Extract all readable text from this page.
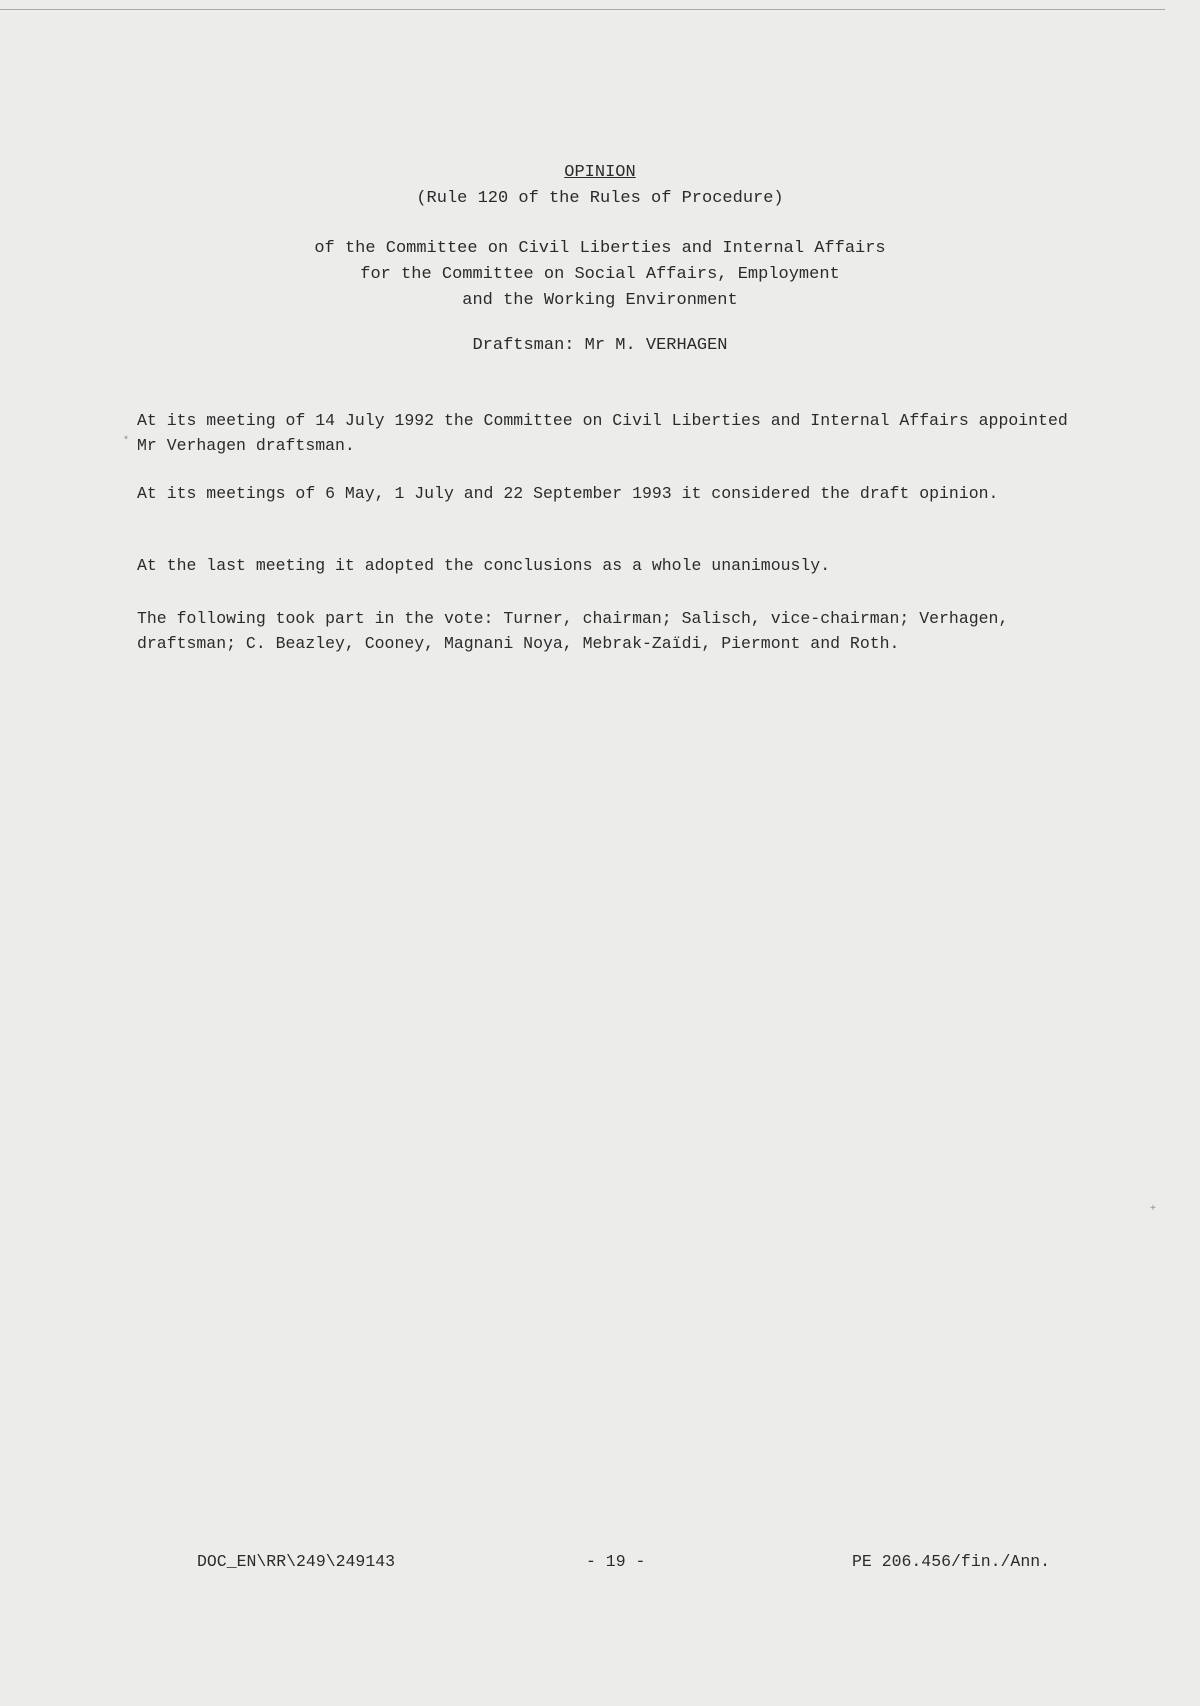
OPINION
(Rule 120 of the Rules of Procedure)
of the Committee on Civil Liberties and Internal Affairs
for the Committee on Social Affairs, Employment
and the Working Environment
Draftsman: Mr M. VERHAGEN

At its meeting of 14 July 1992 the Committee on Civil Liberties and Internal Affairs appointed Mr Verhagen draftsman.

At its meetings of 6 May, 1 July and 22 September 1993 it considered the draft opinion.

At the last meeting it adopted the conclusions as a whole unanimously.

The following took part in the vote: Turner, chairman; Salisch, vice-chairman; Verhagen, draftsman; C. Beazley, Cooney, Magnani Noya, Mebrak-Zaïdi, Piermont and Roth.

*
+
DOC_EN\RR\249\249143	- 19 -	PE 206.456/fin./Ann.
